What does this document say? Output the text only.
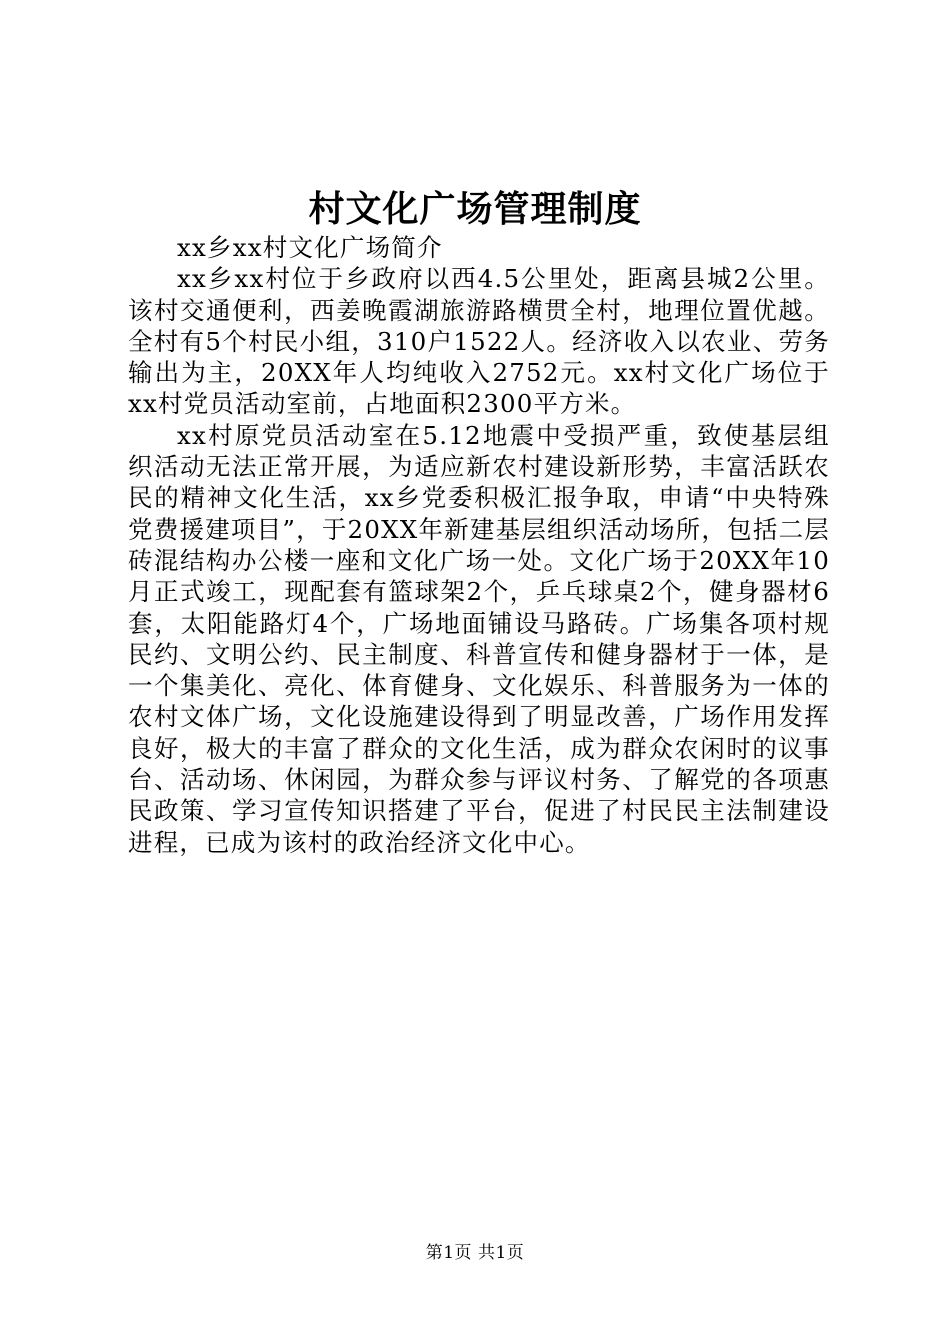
村文化广场管理制度

xx乡xx村文化广场简介

xx乡xx村位于乡政府以西4.5公里处，距离县城2公里。该村交通便利，西姜晚霞湖旅游路横贯全村，地理位置优越。全村有5个村民小组，310户1522人。经济收入以农业、劳务输出为主，20XX年人均纯收入2752元。xx村文化广场位于xx村党员活动室前，占地面积2300平方米。

xx村原党员活动室在5.12地震中受损严重，致使基层组织活动无法正常开展，为适应新农村建设新形势，丰富活跃农民的精神文化生活，xx乡党委积极汇报争取，申请“中央特殊党费援建项目”，于20XX年新建基层组织活动场所，包括二层砖混结构办公楼一座和文化广场一处。文化广场于20XX年10月正式竣工，现配套有篮球架2个，乒乓球桌2个，健身器材6套，太阳能路灯4个，广场地面铺设马路砖。广场集各项村规民约、文明公约、民主制度、科普宣传和健身器材于一体，是一个集美化、亮化、体育健身、文化娱乐、科普服务为一体的农村文体广场，文化设施建设得到了明显改善，广场作用发挥良好，极大的丰富了群众的文化生活，成为群众农闲时的议事台、活动场、休闲园，为群众参与评议村务、了解党的各项惠民政策、学习宣传知识搭建了平台，促进了村民民主法制建设进程，已成为该村的政治经济文化中心。

第1页 共1页
